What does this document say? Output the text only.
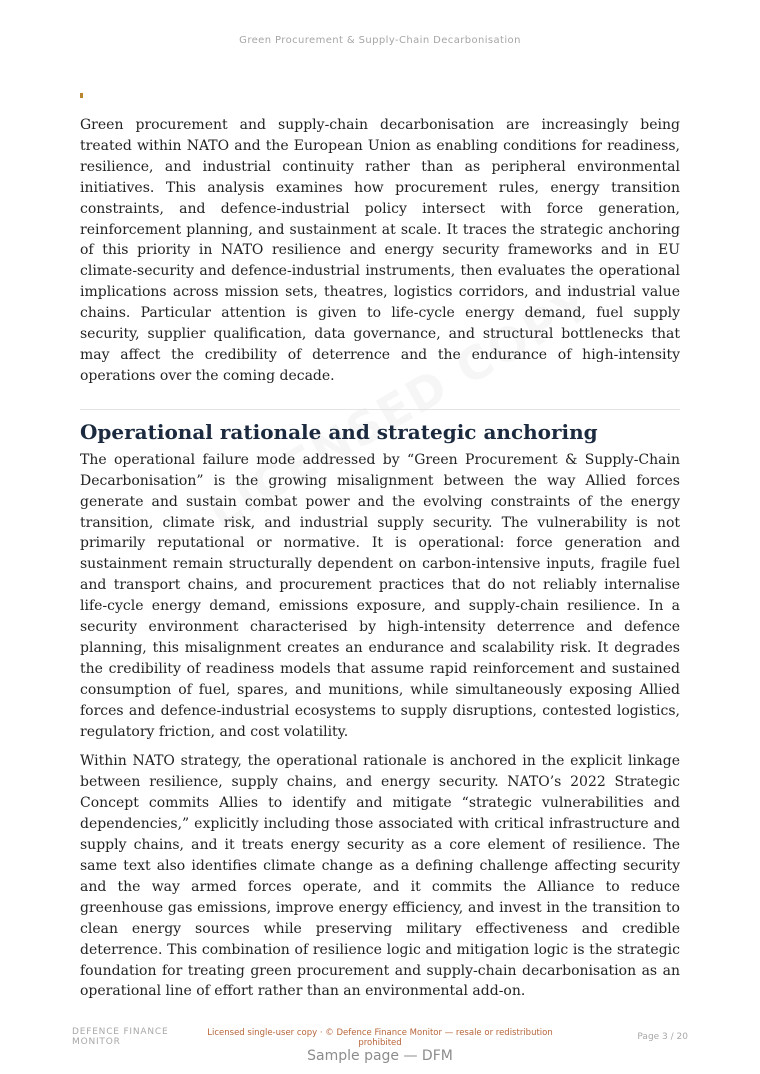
Green Procurement & Supply-Chain Decarbonisation

Green procurement and supply-chain decarbonisation are increasingly being treated within NATO and the European Union as enabling conditions for readiness, resilience, and industrial continuity rather than as peripheral environmental initiatives. This analysis examines how procurement rules, energy transition constraints, and defence-industrial policy intersect with force generation, reinforcement planning, and sustainment at scale. It traces the strategic anchoring of this priority in NATO resilience and energy security frameworks and in EU climate-security and defence-industrial instruments, then evaluates the operational implications across mission sets, theatres, logistics corridors, and industrial value chains. Particular attention is given to life-cycle energy demand, fuel supply security, supplier qualification, data governance, and structural bottlenecks that may affect the credibility of deterrence and the endurance of high-intensity operations over the coming decade.

Operational rationale and strategic anchoring

The operational failure mode addressed by “Green Procurement & Supply-Chain Decarbonisation” is the growing misalignment between the way Allied forces generate and sustain combat power and the evolving constraints of the energy transition, climate risk, and industrial supply security. The vulnerability is not primarily reputational or normative. It is operational: force generation and sustainment remain structurally dependent on carbon-intensive inputs, fragile fuel and transport chains, and procurement practices that do not reliably internalise life-cycle energy demand, emissions exposure, and supply-chain resilience. In a security environment characterised by high-intensity deterrence and defence planning, this misalignment creates an endurance and scalability risk. It degrades the credibility of readiness models that assume rapid reinforcement and sustained consumption of fuel, spares, and munitions, while simultaneously exposing Allied forces and defence-industrial ecosystems to supply disruptions, contested logistics, regulatory friction, and cost volatility.

Within NATO strategy, the operational rationale is anchored in the explicit linkage between resilience, supply chains, and energy security. NATO’s 2022 Strategic Concept commits Allies to identify and mitigate “strategic vulnerabilities and dependencies,” explicitly including those associated with critical infrastructure and supply chains, and it treats energy security as a core element of resilience. The same text also identifies climate change as a defining challenge affecting security and the way armed forces operate, and it commits the Alliance to reduce greenhouse gas emissions, improve energy efficiency, and invest in the transition to clean energy sources while preserving military effectiveness and credible deterrence. This combination of resilience logic and mitigation logic is the strategic foundation for treating green procurement and supply-chain decarbonisation as an operational line of effort rather than an environmental add-on.

DEFENCE FINANCE MONITOR
Licensed single-user copy · © Defence Finance Monitor — resale or redistribution prohibited
Page 3 / 20
Sample page — DFM
